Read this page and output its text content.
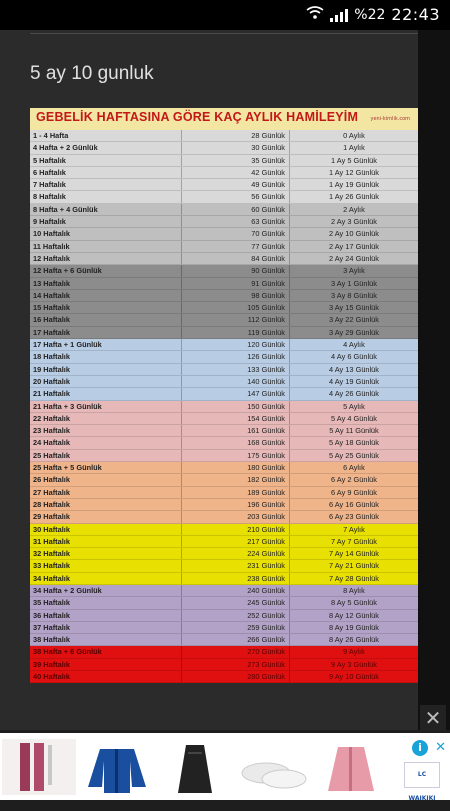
%22 22:43
5 ay 10 gunluk
GEBELİK HAFTASINA GÖRE KAÇ AYLIK HAMİLEYİM yeni-kimlik.com
1 - 4 Hafta	28 Günlük	0 Aylık
4 Hafta + 2 Günlük	30 Günlük	1 Aylık
5 Haftalık	35 Günlük	1 Ay 5 Günlük
6 Haftalık	42 Günlük	1 Ay 12 Günlük
7 Haftalık	49 Günlük	1 Ay 19 Günlük
8 Haftalık	56 Günlük	1 Ay 26 Günlük
8 Hafta + 4 Günlük	60 Günlük	2 Aylık
9 Haftalık	63 Günlük	2 Ay 3 Günlük
10 Haftalık	70 Günlük	2 Ay 10 Günlük
11 Haftalık	77 Günlük	2 Ay 17 Günlük
12 Haftalık	84 Günlük	2 Ay 24 Günlük
12 Hafta + 6 Günlük	90 Günlük	3 Aylık
13 Haftalık	91 Günlük	3 Ay 1 Günlük
14 Haftalık	98 Günlük	3 Ay 8 Günlük
15 Haftalık	105 Günlük	3 Ay 15 Günlük
16 Haftalık	112 Günlük	3 Ay 22 Günlük
17 Haftalık	119 Günlük	3 Ay 29 Günlük
17 Hafta + 1 Günlük	120 Günlük	4 Aylık
18 Haftalık	126 Günlük	4 Ay 6 Günlük
19 Haftalık	133 Günlük	4 Ay 13 Günlük
20 Haftalık	140 Günlük	4 Ay 19 Günlük
21 Haftalık	147 Günlük	4 Ay 26 Günlük
21 Hafta + 3 Günlük	150 Günlük	5 Aylık
22 Haftalık	154 Günlük	5 Ay 4 Günlük
23 Haftalık	161 Günlük	5 Ay 11 Günlük
24 Haftalık	168 Günlük	5 Ay 18 Günlük
25 Haftalık	175 Günlük	5 Ay 25 Günlük
25 Hafta + 5 Günlük	180 Günlük	6 Aylık
26 Haftalık	182 Günlük	6 Ay 2 Günlük
27 Haftalık	189 Günlük	6 Ay 9 Günlük
28 Haftalık	196 Günlük	6 Ay 16 Günlük
29 Haftalık	203 Günlük	6 Ay 23 Günlük
30 Haftalık	210 Günlük	7 Aylık
31 Haftalık	217 Günlük	7 Ay 7 Günlük
32 Haftalık	224 Günlük	7 Ay 14 Günlük
33 Haftalık	231 Günlük	7 Ay 21 Günlük
34 Haftalık	238 Günlük	7 Ay 28 Günlük
34 Hafta + 2 Günlük	240 Günlük	8 Aylık
35 Haftalık	245 Günlük	8 Ay 5 Günlük
36 Haftalık	252 Günlük	8 Ay 12 Günlük
37 Haftalık	259 Günlük	8 Ay 19 Günlük
38 Haftalık	266 Günlük	8 Ay 26 Günlük
38 Hafta + 6 Günlük	270 Günlük	9 Aylık
39 Haftalık	273 Günlük	9 Ay 3 Günlük
40 Haftalık	280 Günlük	9 Ay 10 Günlük
✕
i	✕
LC WAIKIKI
